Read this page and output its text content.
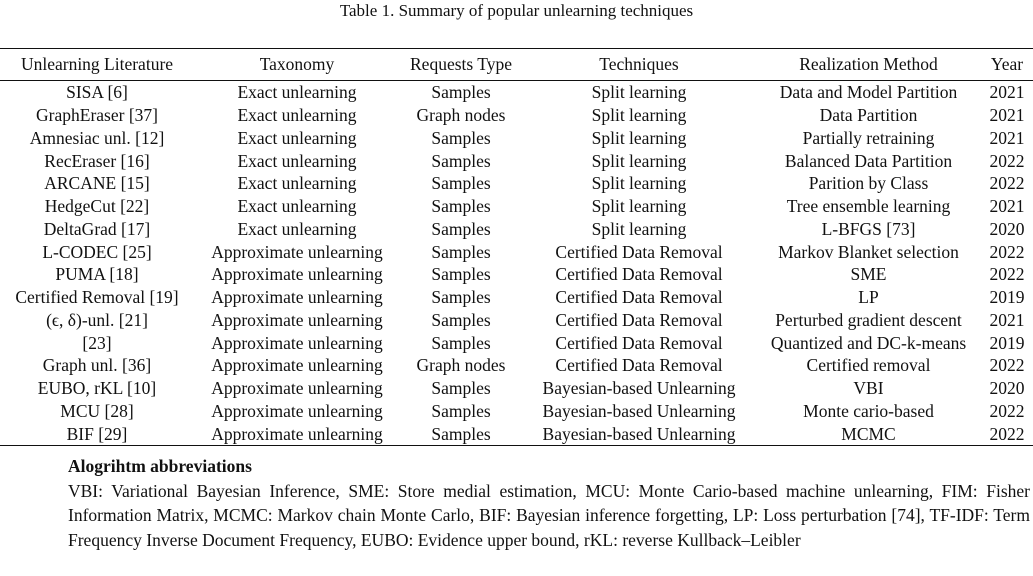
Table 1. Summary of popular unlearning techniques
Unlearning Literature	Taxonomy	Requests Type	Techniques	Realization Method	Year
SISA [6]	Exact unlearning	Samples	Split learning	Data and Model Partition	2021
GraphEraser [37]	Exact unlearning	Graph nodes	Split learning	Data Partition	2021
Amnesiac unl. [12]	Exact unlearning	Samples	Split learning	Partially retraining	2021
RecEraser [16]	Exact unlearning	Samples	Split learning	Balanced Data Partition	2022
ARCANE [15]	Exact unlearning	Samples	Split learning	Parition by Class	2022
HedgeCut [22]	Exact unlearning	Samples	Split learning	Tree ensemble learning	2021
DeltaGrad [17]	Exact unlearning	Samples	Split learning	L-BFGS [73]	2020
L-CODEC [25]	Approximate unlearning	Samples	Certified Data Removal	Markov Blanket selection	2022
PUMA [18]	Approximate unlearning	Samples	Certified Data Removal	SME	2022
Certified Removal [19]	Approximate unlearning	Samples	Certified Data Removal	LP	2019
(ϵ, δ)-unl. [21]	Approximate unlearning	Samples	Certified Data Removal	Perturbed gradient descent	2021
[23]	Approximate unlearning	Samples	Certified Data Removal	Quantized and DC-k-means	2019
Graph unl. [36]	Approximate unlearning	Graph nodes	Certified Data Removal	Certified removal	2022
EUBO, rKL [10]	Approximate unlearning	Samples	Bayesian-based Unlearning	VBI	2020
MCU [28]	Approximate unlearning	Samples	Bayesian-based Unlearning	Monte cario-based	2022
BIF [29]	Approximate unlearning	Samples	Bayesian-based Unlearning	MCMC	2022
Alogrihtm abbreviations
VBI: Variational Bayesian Inference, SME: Store medial estimation, MCU: Monte Cario-based machine unlearning, FIM: Fisher Information Matrix, MCMC: Markov chain Monte Carlo, BIF: Bayesian inference forgetting, LP: Loss perturbation [74], TF-IDF: Term Frequency Inverse Document Frequency, EUBO: Evidence upper bound, rKL: reverse Kullback–Leibler
